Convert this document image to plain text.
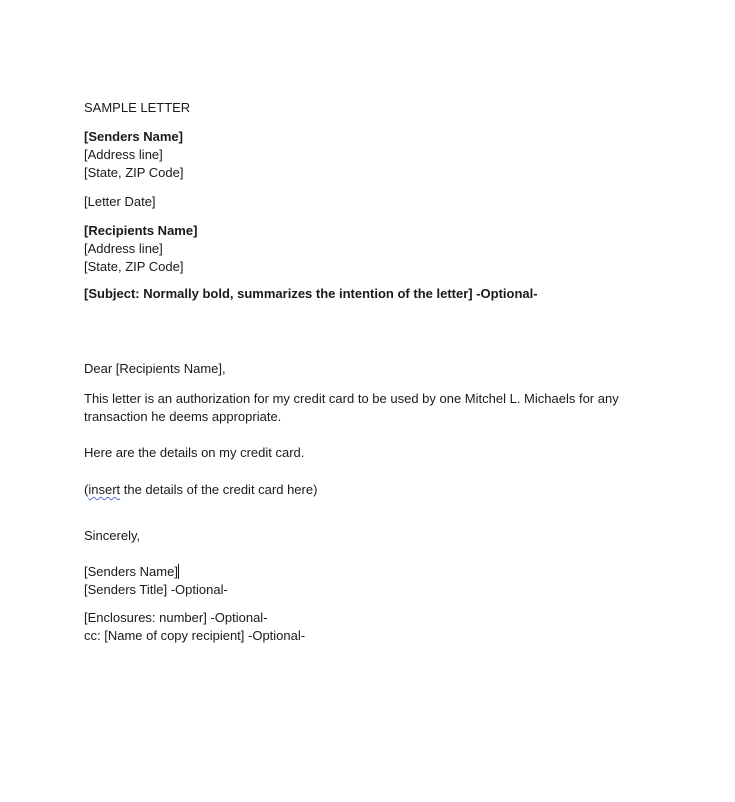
SAMPLE LETTER

[Senders Name]

[Address line]

[State, ZIP Code]

[Letter Date]

[Recipients Name]

[Address line]

[State, ZIP Code]

[Subject: Normally bold, summarizes the intention of the letter] -Optional-

Dear [Recipients Name],

This letter is an authorization for my credit card to be used by one Mitchel L. Michaels for any

transaction he deems appropriate.

Here are the details on my credit card.

(insert the details of the credit card here)

Sincerely,

[Senders Name]

[Senders Title] -Optional-

[Enclosures: number] -Optional-

cc: [Name of copy recipient] -Optional-
